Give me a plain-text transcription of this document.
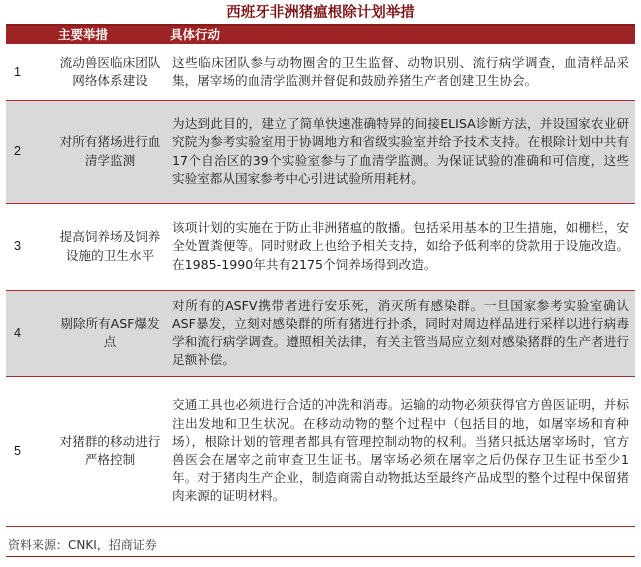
西班牙非洲猪瘟根除计划举措
	主要举措	具体行动
1	流动兽医临床团队网络体系建设	这些临床团队参与动物圈舍的卫生监督、动物识别、流行病学调查，血清样品采集，屠宰场的血清学监测并督促和鼓励养猪生产者创建卫生协会。
2	对所有猪场进行血清学监测	为达到此目的，建立了简单快速准确特异的间接ELISA诊断方法，并设国家农业研究院为参考实验室用于协调地方和省级实验室并给予技术支持。在根除计划中共有17个自治区的39个实验室参与了血清学监测。为保证试验的准确和可信度，这些实验室都从国家参考中心引进试验所用耗材。
3	提高饲养场及饲养设施的卫生水平	该项计划的实施在于防止非洲猪瘟的散播。包括采用基本的卫生措施，如栅栏，安全处置粪便等。同时财政上也给予相关支持，如给予低利率的贷款用于设施改造。在1985-1990年共有2175个饲养场得到改造。
4	剔除所有ASF爆发点	对所有的ASFV携带者进行安乐死，消灭所有感染群。一旦国家参考实验室确认ASF暴发，立刻对感染群的所有猪进行扑杀，同时对周边样品进行采样以进行病毒学和流行病学调查。遵照相关法律，有关主管当局应立刻对感染猪群的生产者进行足额补偿。
5	对猪群的移动进行严格控制	交通工具也必须进行合适的冲洗和消毒。运输的动物必须获得官方兽医证明，并标注出发地和卫生状况。在移动动物的整个过程中（包括目的地，如屠宰场和育种场），根除计划的管理者都具有管理控制动物的权利。当猪只抵达屠宰场时，官方兽医会在屠宰之前审查卫生证书。屠宰场必须在屠宰之后仍保存卫生证书至少1年。对于猪肉生产企业，制造商需自动物抵达至最终产品成型的整个过程中保留猪肉来源的证明材料。
资料来源：CNKI，招商证券
